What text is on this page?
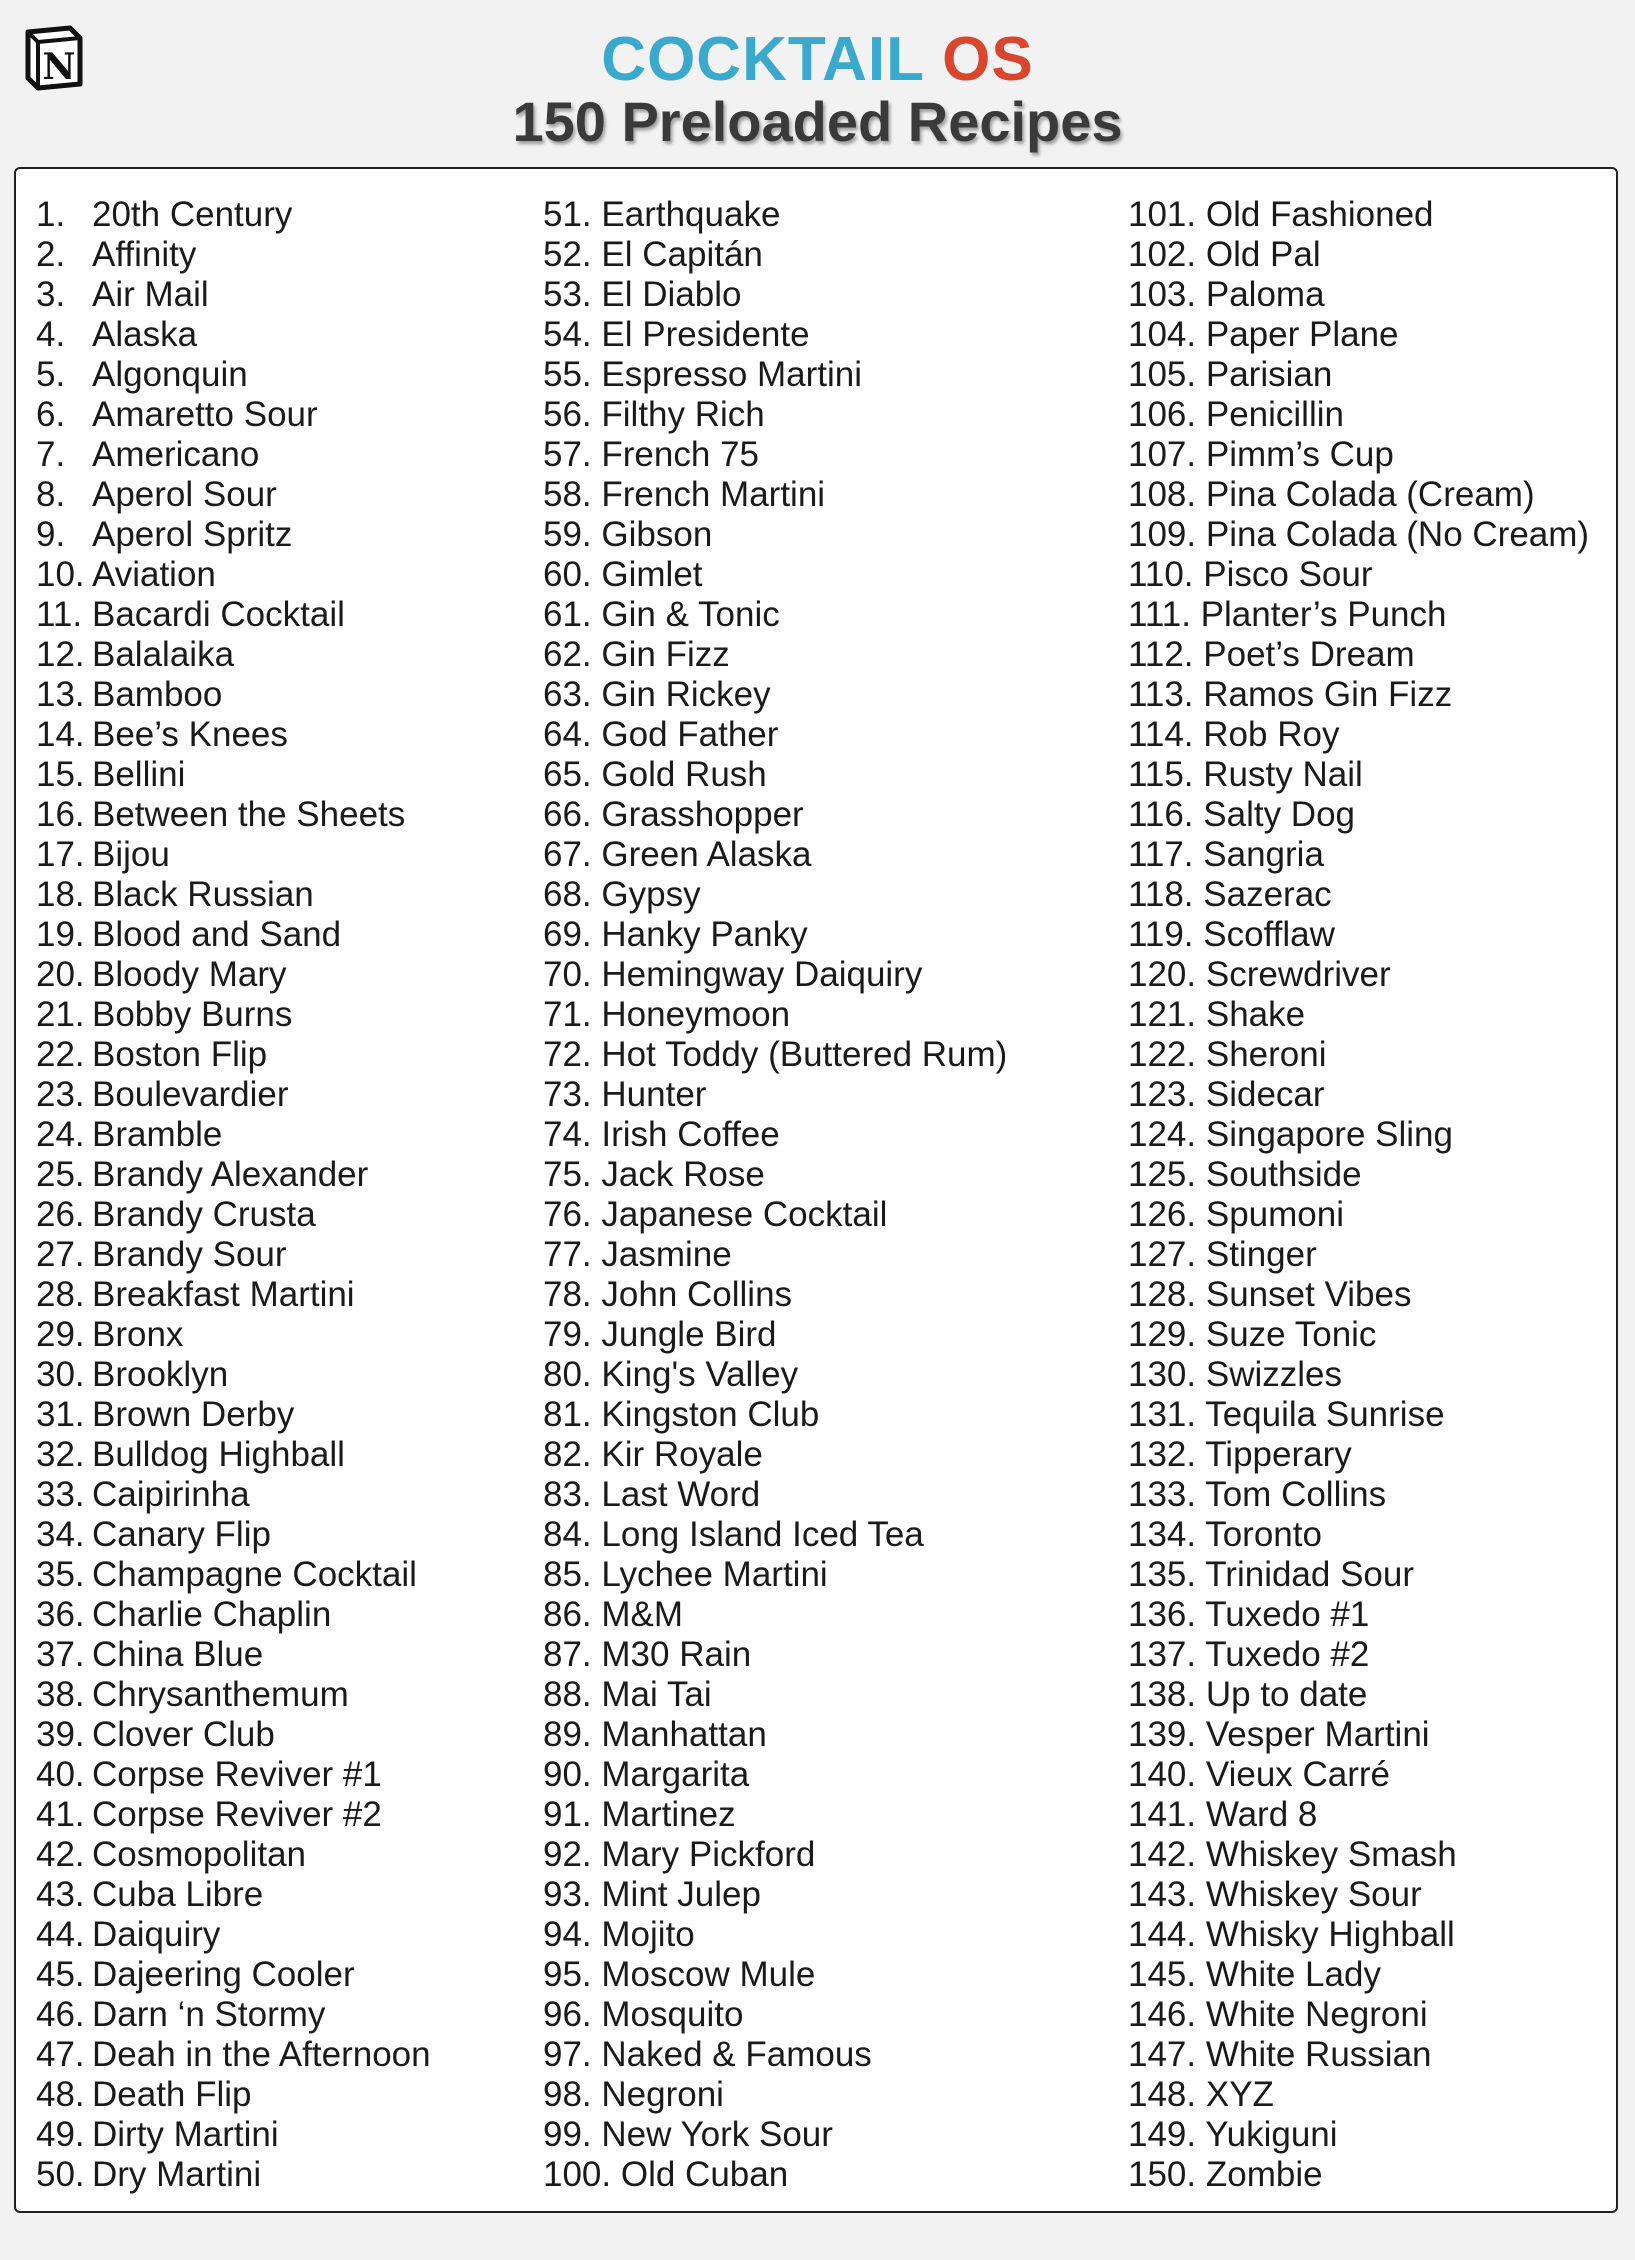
N	COCKTAIL OS
150 Preloaded Recipes
1. 20th Century
2. Affinity
3. Air Mail
4. Alaska
5. Algonquin
6. Amaretto Sour
7. Americano
8. Aperol Sour
9. Aperol Spritz
10. Aviation
11. Bacardi Cocktail
12. Balalaika
13. Bamboo
14. Bee’s Knees
15. Bellini
16. Between the Sheets
17. Bijou
18. Black Russian
19. Blood and Sand
20. Bloody Mary
21. Bobby Burns
22. Boston Flip
23. Boulevardier
24. Bramble
25. Brandy Alexander
26. Brandy Crusta
27. Brandy Sour
28. Breakfast Martini
29. Bronx
30. Brooklyn
31. Brown Derby
32. Bulldog Highball
33. Caipirinha
34. Canary Flip
35. Champagne Cocktail
36. Charlie Chaplin
37. China Blue
38. Chrysanthemum
39. Clover Club
40. Corpse Reviver #1
41. Corpse Reviver #2
42. Cosmopolitan
43. Cuba Libre
44. Daiquiry
45. Dajeering Cooler
46. Darn ‘n Stormy
47. Deah in the Afternoon
48. Death Flip
49. Dirty Martini
50. Dry Martini
51. Earthquake
52. El Capitán
53. El Diablo
54. El Presidente
55. Espresso Martini
56. Filthy Rich
57. French 75
58. French Martini
59. Gibson
60. Gimlet
61. Gin & Tonic
62. Gin Fizz
63. Gin Rickey
64. God Father
65. Gold Rush
66. Grasshopper
67. Green Alaska
68. Gypsy
69. Hanky Panky
70. Hemingway Daiquiry
71. Honeymoon
72. Hot Toddy (Buttered Rum)
73. Hunter
74. Irish Coffee
75. Jack Rose
76. Japanese Cocktail
77. Jasmine
78. John Collins
79. Jungle Bird
80. King's Valley
81. Kingston Club
82. Kir Royale
83. Last Word
84. Long Island Iced Tea
85. Lychee Martini
86. M&M
87. M30 Rain
88. Mai Tai
89. Manhattan
90. Margarita
91. Martinez
92. Mary Pickford
93. Mint Julep
94. Mojito
95. Moscow Mule
96. Mosquito
97. Naked & Famous
98. Negroni
99. New York Sour
100. Old Cuban
101. Old Fashioned
102. Old Pal
103. Paloma
104. Paper Plane
105. Parisian
106. Penicillin
107. Pimm’s Cup
108. Pina Colada (Cream)
109. Pina Colada (No Cream)
110. Pisco Sour
111. Planter’s Punch
112. Poet’s Dream
113. Ramos Gin Fizz
114. Rob Roy
115. Rusty Nail
116. Salty Dog
117. Sangria
118. Sazerac
119. Scofflaw
120. Screwdriver
121. Shake
122. Sheroni
123. Sidecar
124. Singapore Sling
125. Southside
126. Spumoni
127. Stinger
128. Sunset Vibes
129. Suze Tonic
130. Swizzles
131. Tequila Sunrise
132. Tipperary
133. Tom Collins
134. Toronto
135. Trinidad Sour
136. Tuxedo #1
137. Tuxedo #2
138. Up to date
139. Vesper Martini
140. Vieux Carré
141. Ward 8
142. Whiskey Smash
143. Whiskey Sour
144. Whisky Highball
145. White Lady
146. White Negroni
147. White Russian
148. XYZ
149. Yukiguni
150. Zombie
